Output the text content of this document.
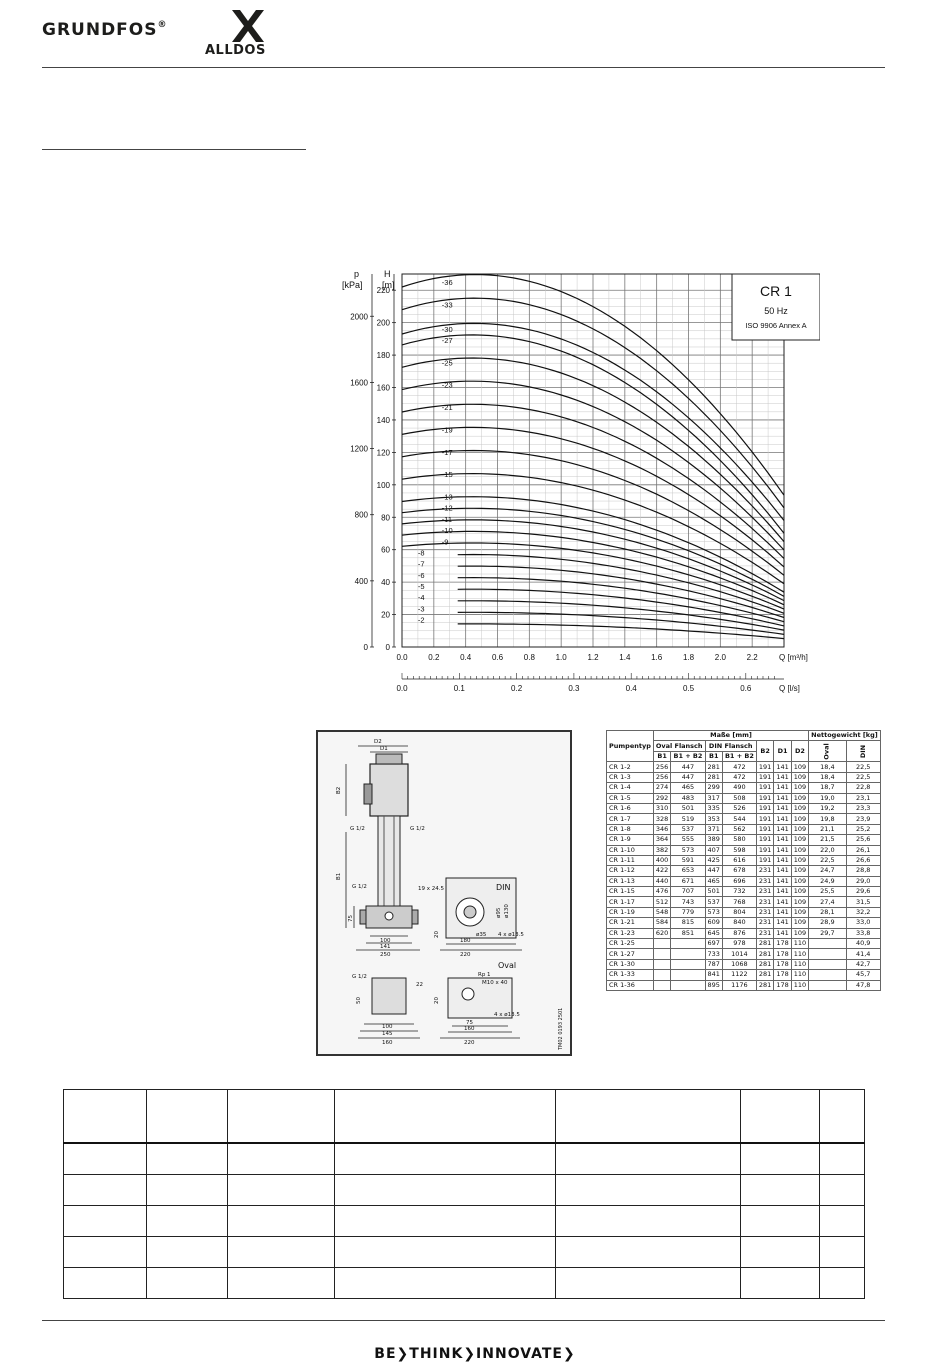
GRUNDFOS®
ALLDOS
0
20
40
60
80
100
120
140
160
180
200
220
0
400
800
1200
1600
2000
p
[kPa]
H
[m]
0.0	0.2	0.4	0.6	0.8	1.0	1.2	1.4	1.6	1.8	2.0	2.2	Q [m³/h]
0.0	0.1	0.2	0.3	0.4	0.5	0.6	Q [l/s]
-2
-3
-4
-5
-6
-7
-8
-9
-10
-11
-12
-13
-15
-17
-19
-21
-23
-25
-27
-30
-33
-36
CR 1
50 Hz
ISO 9906 Annex A
D2
D1
B2
B1
G 1/2	G 1/2
G 1/2
75
100
141
250
19 x 24.5	DIN
180
220
ø35 4 x ø13.5
ø95 ø130
20
Oval
Rp 1
M10 x 40
G 1/2
22
50
100
145
160
75
160
220
4 x ø13.5
20
TM02 0193 2501
Pumpentyp	Maße [mm]							Nettogewicht [kg]	
	Oval Flansch		DIN Flansch		B2	D1	D2	Oval	DIN

	B1	B1 + B2	B1	B1 + B2					
CR 1-2	256	447	281	472	191	141	109	18,4	22,5
CR 1-3	256	447	281	472	191	141	109	18,4	22,5
CR 1-4	274	465	299	490	191	141	109	18,7	22,8
CR 1-5	292	483	317	508	191	141	109	19,0	23,1
CR 1-6	310	501	335	526	191	141	109	19,2	23,3
CR 1-7	328	519	353	544	191	141	109	19,8	23,9
CR 1-8	346	537	371	562	191	141	109	21,1	25,2
CR 1-9	364	555	389	580	191	141	109	21,5	25,6
CR 1-10	382	573	407	598	191	141	109	22,0	26,1
CR 1-11	400	591	425	616	191	141	109	22,5	26,6
CR 1-12	422	653	447	678	231	141	109	24,7	28,8
CR 1-13	440	671	465	696	231	141	109	24,9	29,0
CR 1-15	476	707	501	732	231	141	109	25,5	29,6
CR 1-17	512	743	537	768	231	141	109	27,4	31,5
CR 1-19	548	779	573	804	231	141	109	28,1	32,2
CR 1-21	584	815	609	840	231	141	109	28,9	33,0
CR 1-23	620	851	645	876	231	141	109	29,7	33,8
CR 1-25			697	978	281	178	110		40,9
CR 1-27			733	1014	281	178	110		41,4
CR 1-30			787	1068	281	178	110		42,7
CR 1-33			841	1122	281	178	110		45,7
CR 1-36			895	1176	281	178	110		47,8

BE❯THINK❯INNOVATE❯
